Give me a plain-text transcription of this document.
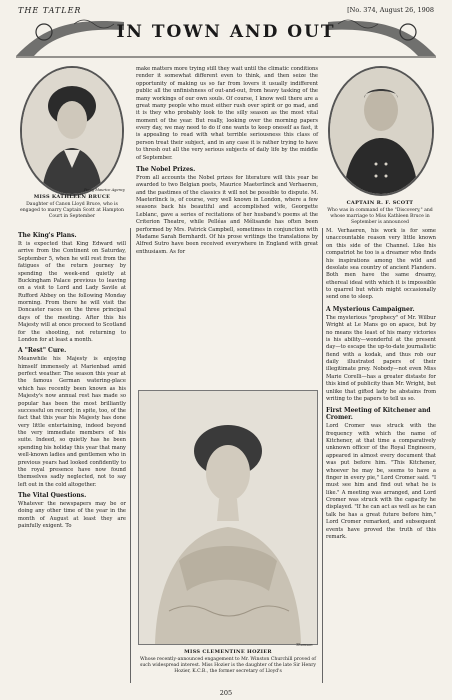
THE TATLER	[No. 374, August 26, 1908
IN TOWN AND OUT
Percy Maurice Agency
MISS KATHLEEN BRUCE
Daughter of Canon Lloyd Bruce, who is engaged to marry Captain Scott at Hampton Court in September
CAPTAIN R. F. SCOTT
Who was in command of the "Discovery," and whose marriage to Miss Kathleen Bruce in September is announced
The King's Plans.

It is expected that King Edward will arrive from the Continent on Saturday, September 5, when he will rest from the fatigues of the return journey by spending the week-end quietly at Buckingham Palace previous to leaving on a visit to Lord and Lady Savile at Rufford Abbey on the following Monday morning. From there he will visit the Doncaster races on the three principal days of the meeting. After this his Majesty will at once proceed to Scotland for the shooting, not returning to London for at least a month.

A "Rest" Cure.

Meanwhile his Majesty is enjoying himself immensely at Marienbad amid perfect weather. The season this year at the famous German watering-place which has recently been known as his Majesty's now annual rest has made so popular has been the most brilliantly successful on record; in spite, too, of the fact that this year his Majesty has done very little entertaining, indeed beyond the very immediate members of his suite. Indeed, so quietly has he been spending his holiday this year that many well-known ladies and gentlemen who in previous years had looked confidently to the royal presence have now found themselves sadly neglected, not to say left out in the cold altogether.

The Vital Questions.

Whatever the newspapers may be or doing any other time of the year in the month of August at least they are painfully exigent. To

make matters more trying still they wait until the climatic conditions render it somewhat different even to think, and then seize the opportunity of making us so far from lovers it usually indifferent public all the unfinishness of out-and-out, from heavy tasking of the many workings of our own souls. Of course, I know well there are a great many people who must either rush over spirit or go mad, and it is they who probably look to the silly season as the most vital moment of the year. But really, looking over the morning papers every day, we may need to do if one wants to keep oneself as fast, it is appealing to read with what terrible seriousness this class of person treat their subject, and in any case it is rather trying to have to thresh out all the very serious subjects of daily life by the middle of September.

The Nobel Prizes.

From all accounts the Nobel prizes for literature will this year be awarded to two Belgian poets, Maurice Maeterlinck and Verhaeren, and the pastimes of the classics it will not be possible to dispute. M. Maeterlinck is, of course, very well known in London, where a few seasons back his beautiful and accomplished wife, Georgette Leblanc, gave a series of recitations of her husband's poems at the Criterion Theatre, while Pelléas and Mélisande has often been performed by Mrs. Patrick Campbell, sometimes in conjunction with Madame Sarah Bernhardt. Of his prose writings the translations by Alfred Sutro have been received everywhere in England with great enthusiasm. As for

M. Verhaeren, his work is for some unaccountable reason very little known on this side of the Channel. Like his compatriot he too is a dreamer who finds his inspirations among the wild and desolate sea country of ancient Flanders. Both men have the same dreamy, ethereal ideal with which it is impossible to quarrel but which might occasionally send one to sleep.

A Mysterious Campaigner.

The mysterious "prophecy" of Mr. Wilbur Wright at Le Mans go on apace, but by no means the least of his many victories is his ability—wonderful at the present day—to escape the up-to-date journalistic fiend with a kodak, and thus rob our daily illustrated papers of their illegitimate prey. Nobody—not even Miss Marie Corelli—has a greater distaste for this kind of publicity than Mr. Wright, but unlike that gifted lady he abstains from writing to the papers to tell us so.

First Meeting of Kitchener and Cromer.

Lord Cromer was struck with the frequency with which the name of Kitchener, at that time a comparatively unknown officer of the Royal Engineers, appeared in almost every document that was put before him. "This Kitchener, whoever he may be, seems to have a finger in every pie," Lord Cromer said. "I must see him and find out what he is like." A meeting was arranged, and Lord Cromer was struck with the capacity he displayed. "If he can act as well as he can talk he has a great future before him," Lord Cromer remarked, and subsequent events have proved the truth of this remark.

Thomson
MISS CLEMENTINE HOZIER
Whose recently-announced engagement to Mr. Winston Churchill proved of such widespread interest. Miss Hozier is the daughter of the late Sir Henry Hozier, K.C.B., the former secretary of Lloyd's
205
